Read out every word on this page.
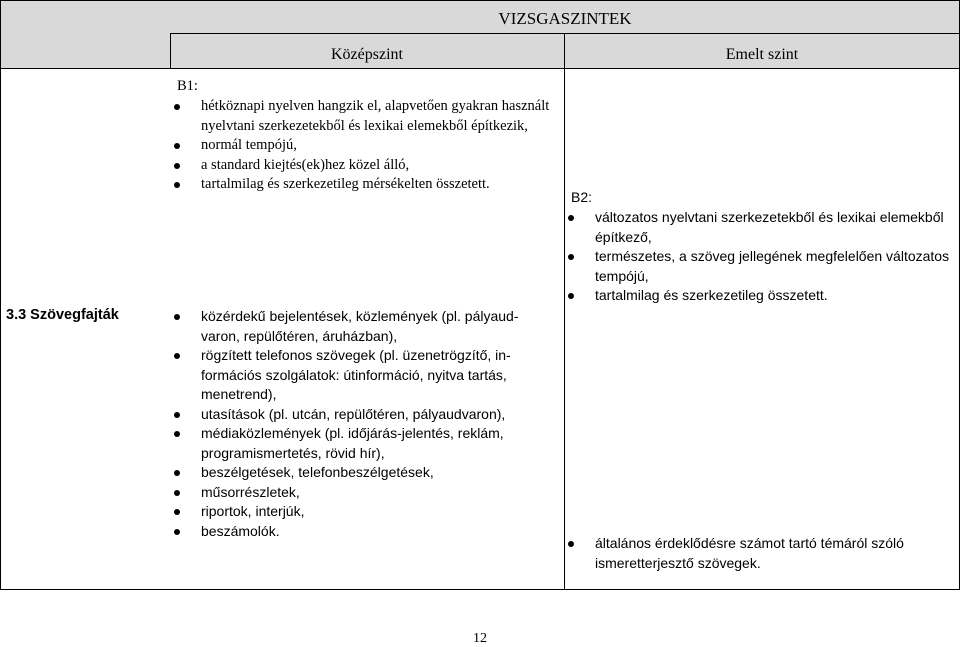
VIZSGASZINTEK
Középszint	Emelt szint
B1:
hétköznapi nyelven hangzik el, alapvetően gyakran használt nyelvtani szerkezetekből és lexikai elemekből építkezik,
normál tempójú,
a standard kiejtés(ek)hez közel álló,
tartalmilag és szerkezetileg mérsékelten összetett.
B2:
változatos nyelvtani szerkezetekből és lexikai elemekből építkező,
természetes, a szöveg jellegének megfelelően változatos tempójú,
tartalmilag és szerkezetileg összetett.
3.3 Szövegfajták	közérdekű bejelentések, közlemények (pl. pályaud-varon, repülőtéren, áruházban),
rögzített telefonos szövegek (pl. üzenetrögzítő, in-formációs szolgálatok: útinformáció, nyitva tartás, menetrend),
utasítások (pl. utcán, repülőtéren, pályaudvaron),
médiaközlemények (pl. időjárás-jelentés, reklám, programismertetés, rövid hír),
beszélgetések, telefonbeszélgetések,
műsorrészletek,
riportok, interjúk,
beszámolók.
általános érdeklődésre számot tartó témáról szóló ismeretterjesztő szövegek.
12
